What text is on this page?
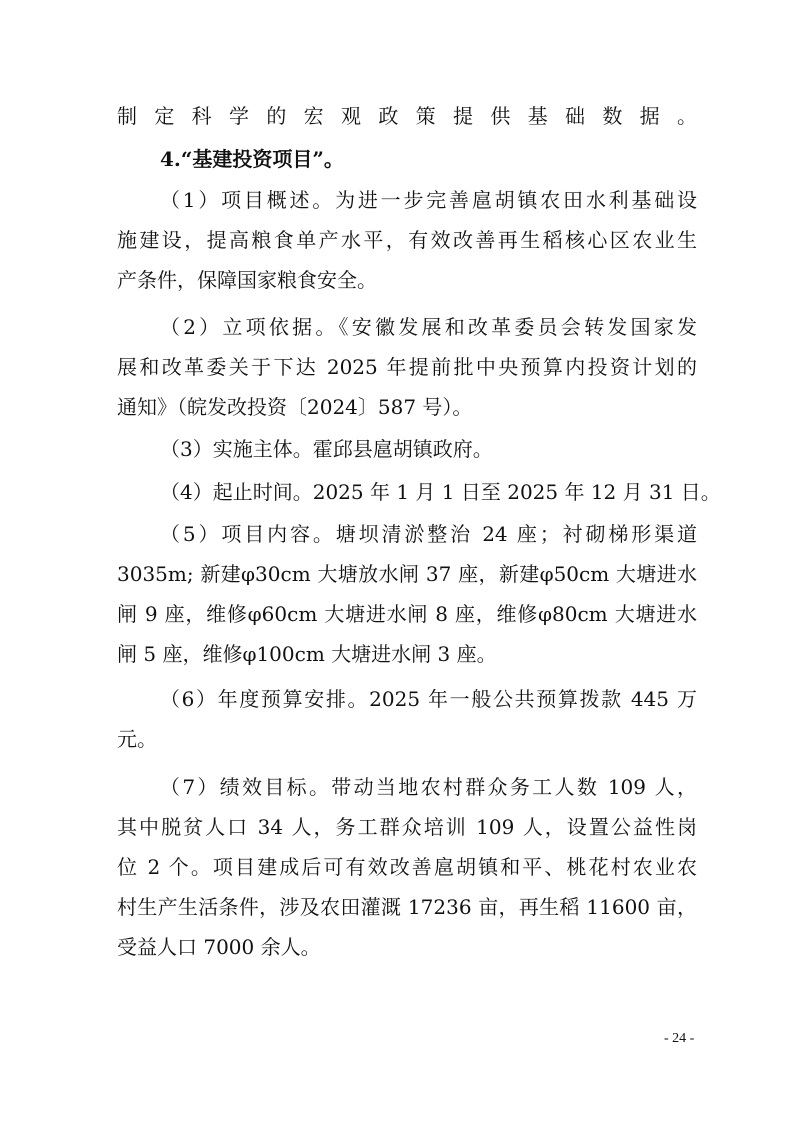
制定科学的宏观政策提供基础数据。
4.“基建投资项目”。
（1）项目概述。为进一步完善扈胡镇农田水利基础设
施建设，提高粮食单产水平，有效改善再生稻核心区农业生
产条件，保障国家粮食安全。
（2）立项依据。《安徽发展和改革委员会转发国家发
展和改革委关于下达 2025 年提前批中央预算内投资计划的
通知》（皖发改投资〔2024〕587 号）。
（3）实施主体。霍邱县扈胡镇政府。
（4）起止时间。2025 年 1 月 1 日至 2025 年 12 月 31 日。
（5）项目内容。塘坝清淤整治 24 座；衬砌梯形渠道
3035m; 新建φ30cm 大塘放水闸 37 座，新建φ50cm 大塘进水
闸 9 座，维修φ60cm 大塘进水闸 8 座，维修φ80cm 大塘进水
闸 5 座，维修φ100cm 大塘进水闸 3 座。
（6）年度预算安排。2025 年一般公共预算拨款 445 万
元。
（7）绩效目标。带动当地农村群众务工人数 109 人，
其中脱贫人口 34 人，务工群众培训 109 人，设置公益性岗
位 2 个。项目建成后可有效改善扈胡镇和平、桃花村农业农
村生产生活条件，涉及农田灌溉 17236 亩，再生稻 11600 亩，
受益人口 7000 余人。
- 24 -
